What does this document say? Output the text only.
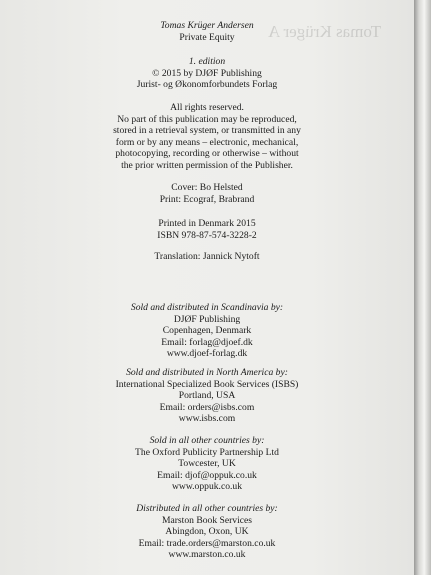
Tomas Krüger A
Tomas Krüger Andersen
Private Equity
1. edition
© 2015 by DJØF Publishing
Jurist- og Økonomforbundets Forlag
All rights reserved.
No part of this publication may be reproduced,
stored in a retrieval system, or transmitted in any
form or by any means – electronic, mechanical,
photocopying, recording or otherwise – without
the prior written permission of the Publisher.
Cover: Bo Helsted
Print: Ecograf, Brabrand
Printed in Denmark 2015
ISBN 978-87-574-3228-2
Translation: Jannick Nytoft
Sold and distributed in Scandinavia by:
DJØF Publishing
Copenhagen, Denmark
Email: forlag@djoef.dk
www.djoef-forlag.dk
Sold and distributed in North America by:
International Specialized Book Services (ISBS)
Portland, USA
Email: orders@isbs.com
www.isbs.com
Sold in all other countries by:
The Oxford Publicity Partnership Ltd
Towcester, UK
Email: djof@oppuk.co.uk
www.oppuk.co.uk
Distributed in all other countries by:
Marston Book Services
Abingdon, Oxon, UK
Email: trade.orders@marston.co.uk
www.marston.co.uk
